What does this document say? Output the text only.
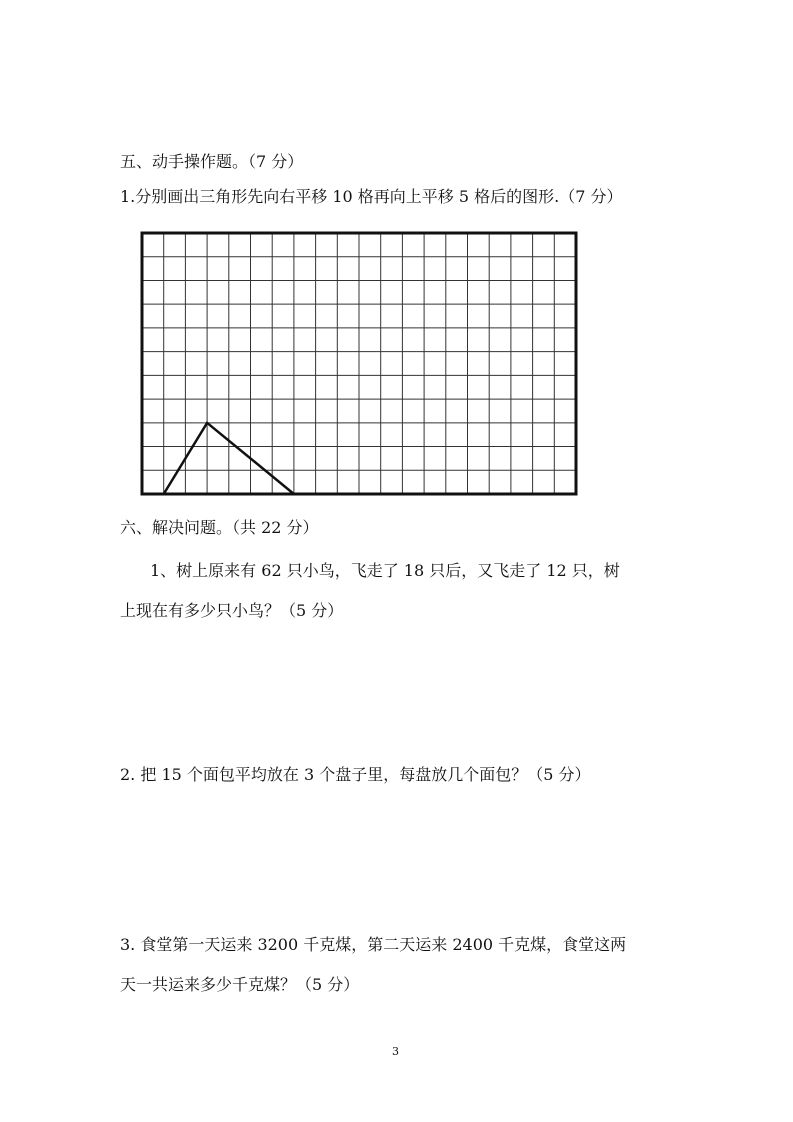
五、动手操作题。（7 分）
1.分别画出三角形先向右平移 10 格再向上平移 5 格后的图形.（7 分）
六、解决问题。（共 22 分）
1、树上原来有 62 只小鸟，飞走了 18 只后，又飞走了 12 只，树
上现在有多少只小鸟？（5 分）
2. 把 15 个面包平均放在 3 个盘子里，每盘放几个面包？（5 分）
3. 食堂第一天运来 3200 千克煤，第二天运来 2400 千克煤，食堂这两
天一共运来多少千克煤？（5 分）
3
